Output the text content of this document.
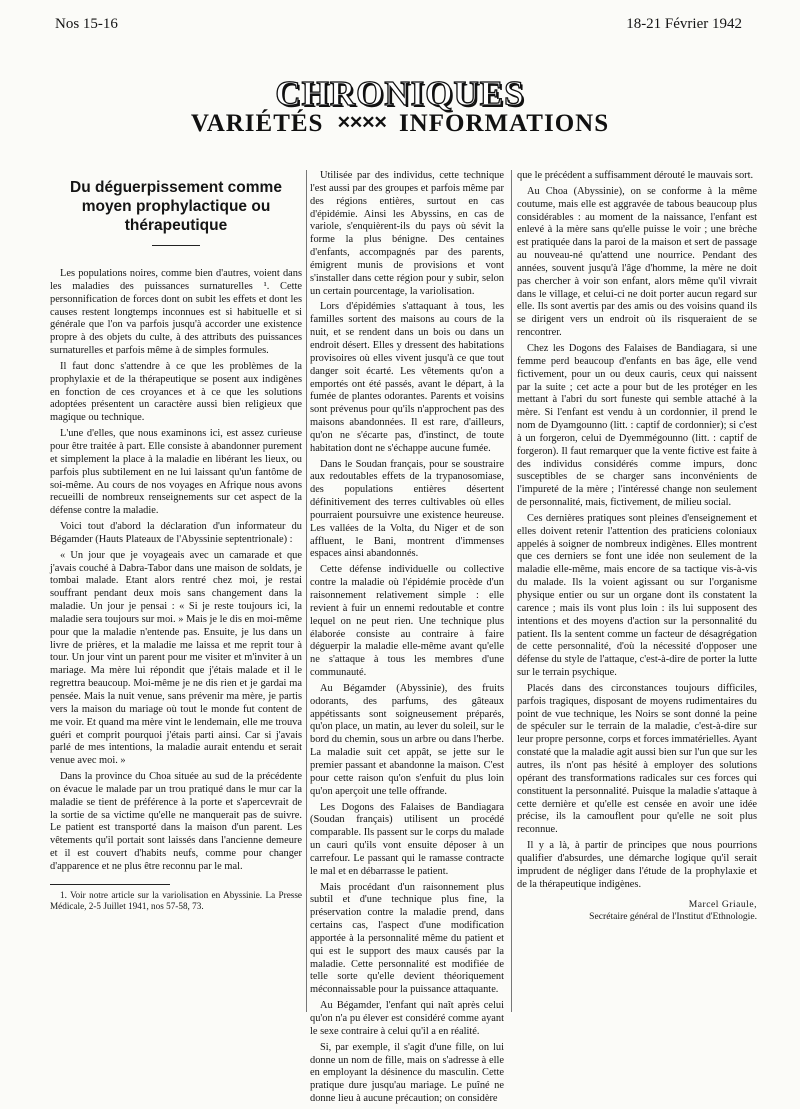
Nos 15-16	18-21 Février 1942
CHRONIQUES
VARIÉTÉS ✕✕✕✕ INFORMATIONS
Du déguerpissement comme moyen prophylactique ou thérapeutique

Les populations noires, comme bien d'autres, voient dans les maladies des puissances surnaturelles ¹. Cette personnification de forces dont on subit les effets et dont les causes restent longtemps inconnues est si habituelle et si générale que l'on va parfois jusqu'à accorder une existence propre à des objets du culte, à des attributs des puissances surnaturelles et parfois même à de simples formules.

Il faut donc s'attendre à ce que les problèmes de la prophylaxie et de la thérapeutique se posent aux indigènes en fonction de ces croyances et à ce que les solutions adoptées présentent un caractère aussi bien religieux que magique ou technique.

L'une d'elles, que nous examinons ici, est assez curieuse pour être traitée à part. Elle consiste à abandonner purement et simplement la place à la maladie en libérant les lieux, ou parfois plus subtilement en ne lui laissant qu'un fantôme de soi-même. Au cours de nos voyages en Afrique nous avons recueilli de nombreux renseignements sur cet aspect de la défense contre la maladie.

Voici tout d'abord la déclaration d'un informateur du Bégamder (Hauts Plateaux de l'Abyssinie septentrionale) :

« Un jour que je voyageais avec un camarade et que j'avais couché à Dabra-Tabor dans une maison de soldats, je tombai malade. Etant alors rentré chez moi, je restai souffrant pendant deux mois sans changement dans la maladie. Un jour je pensai : « Si je reste toujours ici, la maladie sera toujours sur moi. » Mais je le dis en moi-même pour que la maladie n'entende pas. Ensuite, je lus dans un livre de prières, et la maladie me laissa et me reprit tour à tour. Un jour vint un parent pour me visiter et m'inviter à un mariage. Ma mère lui répondit que j'étais malade et il le regrettra beaucoup. Moi-même je ne dis rien et je gardai ma pensée. Mais la nuit venue, sans prévenir ma mère, je partis vers la maison du mariage où tout le monde fut content de me voir. Et quand ma mère vint le lendemain, elle me trouva guéri et comprit pourquoi j'étais parti ainsi. Car si j'avais parlé de mes intentions, la maladie aurait entendu et serait venue avec moi. »

Dans la province du Choa située au sud de la précédente on évacue le malade par un trou pratiqué dans le mur car la maladie se tient de préférence à la porte et s'apercevrait de la sortie de sa victime qu'elle ne manquerait pas de suivre. Le patient est transporté dans la maison d'un parent. Les vêtements qu'il portait sont laissés dans l'ancienne demeure et il est couvert d'habits neufs, comme pour changer d'apparence et ne plus être reconnu par le mal.

1. Voir notre article sur la variolisation en Abyssinie. La Presse Médicale, 2-5 Juillet 1941, nos 57-58, 73.

Utilisée par des individus, cette technique l'est aussi par des groupes et parfois même par des régions entières, surtout en cas d'épidémie. Ainsi les Abyssins, en cas de variole, s'enquièrent-ils du pays où sévit la forme la plus bénigne. Des centaines d'enfants, accompagnés par des parents, émigrent munis de provisions et vont s'installer dans cette région pour y subir, selon un certain pourcentage, la variolisation.

Lors d'épidémies s'attaquant à tous, les familles sortent des maisons au cours de la nuit, et se rendent dans un bois ou dans un endroit désert. Elles y dressent des habitations provisoires où elles vivent jusqu'à ce que tout danger soit écarté. Les vêtements qu'on a emportés ont été passés, avant le départ, à la fumée de plantes odorantes. Parents et voisins sont prévenus pour qu'ils n'approchent pas des maisons abandonnées. Il est rare, d'ailleurs, qu'on ne s'écarte pas, d'instinct, de toute habitation dont ne s'échappe aucune fumée.

Dans le Soudan français, pour se soustraire aux redoutables effets de la trypanosomiase, des populations entières désertent définitivement des terres cultivables où elles pourraient poursuivre une existence heureuse. Les vallées de la Volta, du Niger et de son affluent, le Bani, montrent d'immenses espaces ainsi abandonnés.

Cette défense individuelle ou collective contre la maladie où l'épidémie procède d'un raisonnement relativement simple : elle revient à fuir un ennemi redoutable et contre lequel on ne peut rien. Une technique plus élaborée consiste au contraire à faire déguerpir la maladie elle-même avant qu'elle ne s'attaque à tous les membres d'une communauté.

Au Bégamder (Abyssinie), des fruits odorants, des parfums, des gâteaux appétissants sont soigneusement préparés, qu'on place, un matin, au lever du soleil, sur le bord du chemin, sous un arbre ou dans l'herbe. La maladie suit cet appât, se jette sur le premier passant et abandonne la maison. C'est pour cette raison qu'on s'enfuit du plus loin qu'on aperçoit une telle offrande.

Les Dogons des Falaises de Bandiagara (Soudan français) utilisent un procédé comparable. Ils passent sur le corps du malade un cauri qu'ils vont ensuite déposer à un carrefour. Le passant qui le ramasse contracte le mal et en débarrasse le patient.

Mais procédant d'un raisonnement plus subtil et d'une technique plus fine, la préservation contre la maladie prend, dans certains cas, l'aspect d'une modification apportée à la personnalité même du patient et qui est le support des maux causés par la maladie. Cette personnalité est modifiée de telle sorte qu'elle devient théoriquement méconnaissable pour la puissance attaquante.

Au Bégamder, l'enfant qui naît après celui qu'on n'a pu élever est considéré comme ayant le sexe contraire à celui qu'il a en réalité.

Si, par exemple, il s'agit d'une fille, on lui donne un nom de fille, mais on s'adresse à elle en employant la désinence du masculin. Cette pratique dure jusqu'au mariage. Le puîné ne donne lieu à aucune précaution; on considère

que le précédent a suffisamment dérouté le mauvais sort.

Au Choa (Abyssinie), on se conforme à la même coutume, mais elle est aggravée de tabous beaucoup plus considérables : au moment de la naissance, l'enfant est enlevé à la mère sans qu'elle puisse le voir ; une brèche est pratiquée dans la paroi de la maison et sert de passage au nouveau-né qu'attend une nourrice. Pendant des années, souvent jusqu'à l'âge d'homme, la mère ne doit pas chercher à voir son enfant, alors même qu'il vivrait dans le village, et celui-ci ne doit porter aucun regard sur elle. Ils sont avertis par des amis ou des voisins quand ils se dirigent vers un endroit où ils risqueraient de se rencontrer.

Chez les Dogons des Falaises de Bandiagara, si une femme perd beaucoup d'enfants en bas âge, elle vend fictivement, pour un ou deux cauris, ceux qui naissent par la suite ; cet acte a pour but de les protéger en les mettant à l'abri du sort funeste qui semble attaché à la mère. Si l'enfant est vendu à un cordonnier, il prend le nom de Dyamgounno (litt. : captif de cordonnier); si c'est à un forgeron, celui de Dyemmégounno (litt. : captif de forgeron). Il faut remarquer que la vente fictive est faite à des individus considérés comme impurs, donc susceptibles de se charger sans inconvénients de l'impureté de la mère ; l'intéressé change non seulement de personnalité, mais, fictivement, de milieu social.

Ces dernières pratiques sont pleines d'enseignement et elles doivent retenir l'attention des praticiens coloniaux appelés à soigner de nombreux indigènes. Elles montrent que ces derniers se font une idée non seulement de la maladie elle-même, mais encore de sa tactique vis-à-vis du malade. Ils la voient agissant ou sur l'organisme physique entier ou sur un organe dont ils constatent la carence ; mais ils vont plus loin : ils lui supposent des intentions et des moyens d'action sur la personnalité du patient. Ils la sentent comme un facteur de désagrégation de cette personnalité, d'où la nécessité d'opposer une défense du style de l'attaque, c'est-à-dire de porter la lutte sur le terrain psychique.

Placés dans des circonstances toujours difficiles, parfois tragiques, disposant de moyens rudimentaires du point de vue technique, les Noirs se sont donné la peine de spéculer sur le terrain de la maladie, c'est-à-dire sur leur propre personne, corps et forces immatérielles. Ayant constaté que la maladie agit aussi bien sur l'un que sur les autres, ils n'ont pas hésité à employer des solutions opérant des transformations radicales sur ces forces qui constituent la personnalité. Puisque la maladie s'attaque à cette dernière et qu'elle est censée en avoir une idée précise, ils la camouflent pour qu'elle ne soit plus reconnue.

Il y a là, à partir de principes que nous pourrions qualifier d'absurdes, une démarche logique qu'il serait imprudent de négliger dans l'étude de la prophylaxie et de la thérapeutique indigènes.

Marcel Griaule,
Secrétaire général de l'Institut d'Ethnologie.
